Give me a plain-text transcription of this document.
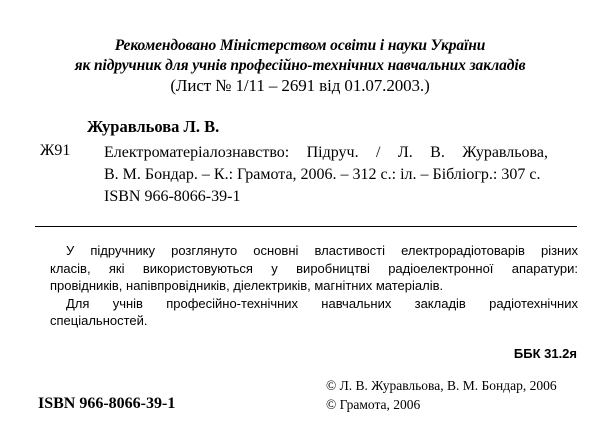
Рекомендовано Міністерством освіти і науки України
як підручник для учнів професійно-технічних навчальних закладів
(Лист № 1/11 – 2691 від 01.07.2003.)
Журавльова Л. В.
Ж91 Електроматеріалознавство: Підруч. / Л. В. Журавльова,
В. М. Бондар. – К.: Грамота, 2006. – 312 с.: іл. – Бібліогр.: 307 с.
ISBN 966-8066-39-1
У підручнику розглянуто основні властивості електрорадіотоварів різних
класів, які використовуються у виробництві радіоелектронної апаратури:
провідників, напівпровідників, діелектриків, магнітних матеріалів.
Для учнів професійно-технічних навчальних закладів радіотехнічних
спеціальностей.
ББК 31.2я
ISBN 966-8066-39-1
© Л. В. Журавльова, В. М. Бондар, 2006
© Грамота, 2006
